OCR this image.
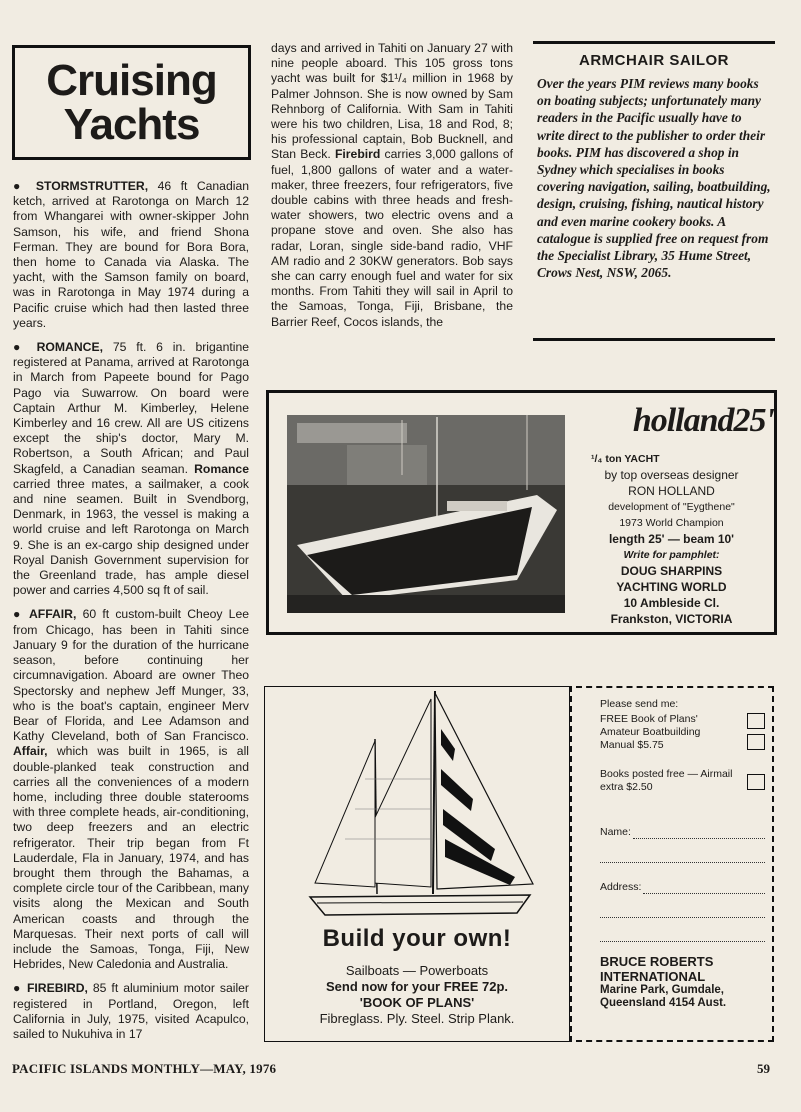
Cruising
Yachts

● STORMSTRUTTER, 46 ft Canadian ketch, arrived at Rarotonga on March 12 from Whangarei with owner-skipper John Samson, his wife, and friend Shona Ferman. They are bound for Bora Bora, then home to Canada via Alaska. The yacht, with the Samson family on board, was in Rarotonga in May 1974 during a Pacific cruise which had then lasted three years.

● ROMANCE, 75 ft. 6 in. brigantine registered at Panama, arrived at Rarotonga in March from Papeete bound for Pago Pago via Suwarrow. On board were Captain Arthur M. Kimberley, Helene Kimberley and 16 crew. All are US citizens except the ship's doctor, Mary M. Robertson, a South African; and Paul Skagfeld, a Canadian seaman. Romance carried three mates, a sailmaker, a cook and nine seamen. Built in Svendborg, Denmark, in 1963, the vessel is making a world cruise and left Rarotonga on March 9. She is an ex-cargo ship designed under Royal Danish Government supervision for the Greenland trade, has ample diesel power and carries 4,500 sq ft of sail.

● AFFAIR, 60 ft custom-built Cheoy Lee from Chicago, has been in Tahiti since January 9 for the duration of the hurricane season, before continuing her circumnavigation. Aboard are owner Theo Spectorsky and nephew Jeff Munger, 33, who is the boat's captain, engineer Merv Bear of Florida, and Lee Adamson and Kathy Cleveland, both of San Francisco. Affair, which was built in 1965, is all double-planked teak construction and carries all the conveniences of a modern home, including three double staterooms with three complete heads, air-conditioning, two deep freezers and an electric refrigerator. Their trip began from Ft Lauderdale, Fla in January, 1974, and has brought them through the Bahamas, a complete circle tour of the Caribbean, many visits along the Mexican and South American coasts and through the Marquesas. Their next ports of call will include the Samoas, Tonga, Fiji, New Hebrides, New Caledonia and Australia.

● FIREBIRD, 85 ft aluminium motor sailer registered in Portland, Oregon, left California in July, 1975, visited Acapulco, sailed to Nukuhiva in 17

days and arrived in Tahiti on January 27 with nine people aboard. This 105 gross tons yacht was built for $1¹/₄ million in 1968 by Palmer Johnson. She is now owned by Sam Rehnborg of California. With Sam in Tahiti were his two children, Lisa, 18 and Rod, 8; his professional captain, Bob Bucknell, and Stan Beck. Firebird carries 3,000 gallons of fuel, 1,800 gallons of water and a water-maker, three freezers, four refrigerators, five double cabins with three heads and fresh-water showers, two electric ovens and a propane stove and oven. She also has radar, Loran, single side-band radio, VHF AM radio and 2 30KW generators. Bob says she can carry enough fuel and water for six months. From Tahiti they will sail in April to the Samoas, Tonga, Fiji, Brisbane, the Barrier Reef, Cocos islands, the

ARMCHAIR SAILOR
Over the years PIM reviews many books on boating subjects; unfortunately many readers in the Pacific usually have to write direct to the publisher to order their books. PIM has discovered a shop in Sydney which specialises in books covering navigation, sailing, boatbuilding, design, cruising, fishing, nautical history and even marine cookery books. A catalogue is supplied free on request from the Specialist Library, 35 Hume Street, Crows Nest, NSW, 2065.
holland25'
¹/₄ ton YACHT
by top overseas designer
RON HOLLAND
development of "Eygthene"
1973 World Champion
length 25' — beam 10'
Write for pamphlet:
DOUG SHARPINS
YACHTING WORLD
10 Ambleside Cl.
Frankston, VICTORIA
Build your own!
Sailboats — Powerboats
Send now for your FREE 72p.
'BOOK OF PLANS'
Fibreglass. Ply. Steel. Strip Plank.
Please send me:
FREE Book of Plans' Amateur Boatbuilding Manual $5.75
Books posted free — Airmail extra $2.50
Name:
Address:
BRUCE ROBERTS
INTERNATIONAL
Marine Park, Gumdale,
Queensland 4154 Aust.
PACIFIC ISLANDS MONTHLY—MAY, 1976	59
